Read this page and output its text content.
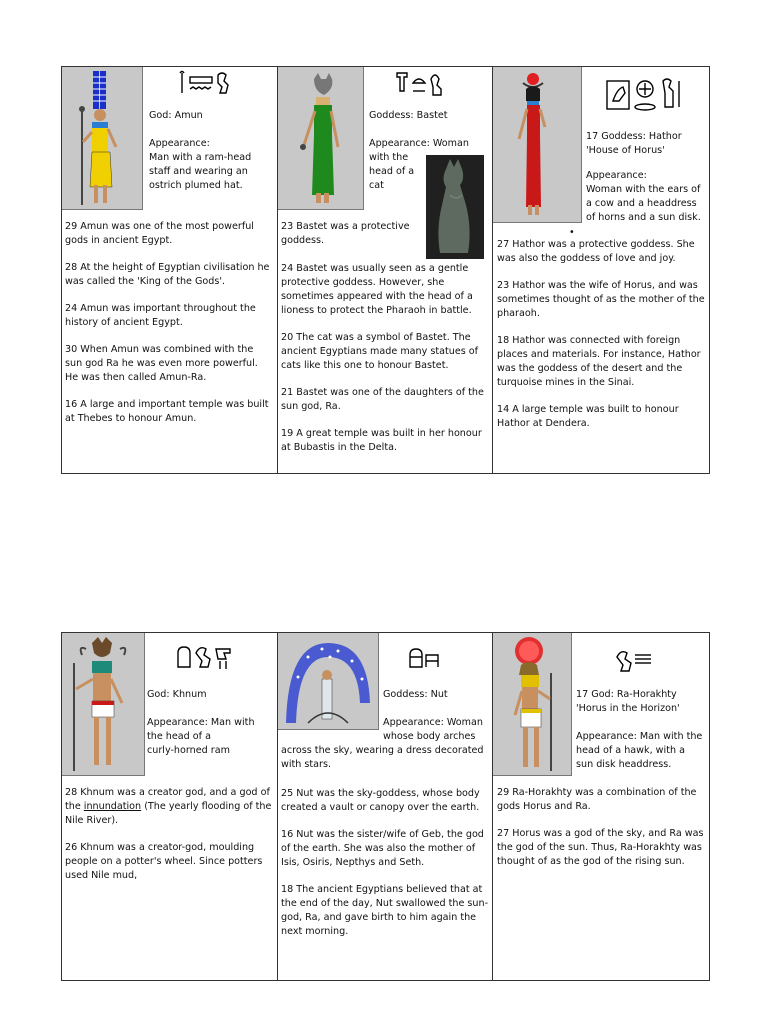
God: Amun
Appearance:
Man with a ram-head staff and wearing an ostrich plumed hat.

29 Amun was one of the most powerful gods in ancient Egypt.

28 At the height of Egyptian civilisation he was called the 'King of the Gods'.

24 Amun was important throughout the history of ancient Egypt.

30 When Amun was combined with the sun god Ra he was even more powerful. He was then called Amun-Ra.

16 A large and important temple was built at Thebes to honour Amun.

Goddess: Bastet
Appearance: Woman
with the head of a cat
23 Bastet was a protective goddess.

24 Bastet was usually seen as a gentle protective goddess. However, she sometimes appeared with the head of a lioness to protect the Pharaoh in battle.

20 The cat was a symbol of Bastet. The ancient Egyptians made many statues of cats like this one to honour Bastet.

21 Bastet was one of the daughters of the sun god, Ra.

19 A great temple was built in her honour at Bubastis in the Delta.

17 Goddess: Hathor 'House of Horus'
Appearance:
Woman with the ears of a cow and a headdress of horns and a sun disk.
•

27 Hathor was a protective goddess. She was also the goddess of love and joy.

23 Hathor was the wife of Horus, and was sometimes thought of as the mother of the pharaoh.

18 Hathor was connected with foreign places and materials. For instance, Hathor was the goddess of the desert and the turquoise mines in the Sinai.

14 A large temple was built to honour Hathor at Dendera.

God: Khnum
Appearance: Man with
the head of a curly-horned ram

28 Khnum was a creator god, and a god of the innundation (The yearly flooding of the Nile River).

26 Khnum was a creator-god, moulding people on a potter's wheel. Since potters used Nile mud,

Goddess: Nut
Appearance: Woman
whose body arches across the sky, wearing a dress decorated with stars.

25 Nut was the sky-goddess, whose body created a vault or canopy over the earth.

16 Nut was the sister/wife of Geb, the god of the earth. She was also the mother of Isis, Osiris, Nepthys and Seth.

18 The ancient Egyptians believed that at the end of the day, Nut swallowed the sun-god, Ra, and gave birth to him again the next morning.

17 God: Ra-Horakhty 'Horus in the Horizon'
Appearance: Man with the
head of a hawk, with a sun disk headdress.

29 Ra-Horakhty was a combination of the gods Horus and Ra.

27 Horus was a god of the sky, and Ra was the god of the sun. Thus, Ra-Horakhty was thought of as the god of the rising sun.
